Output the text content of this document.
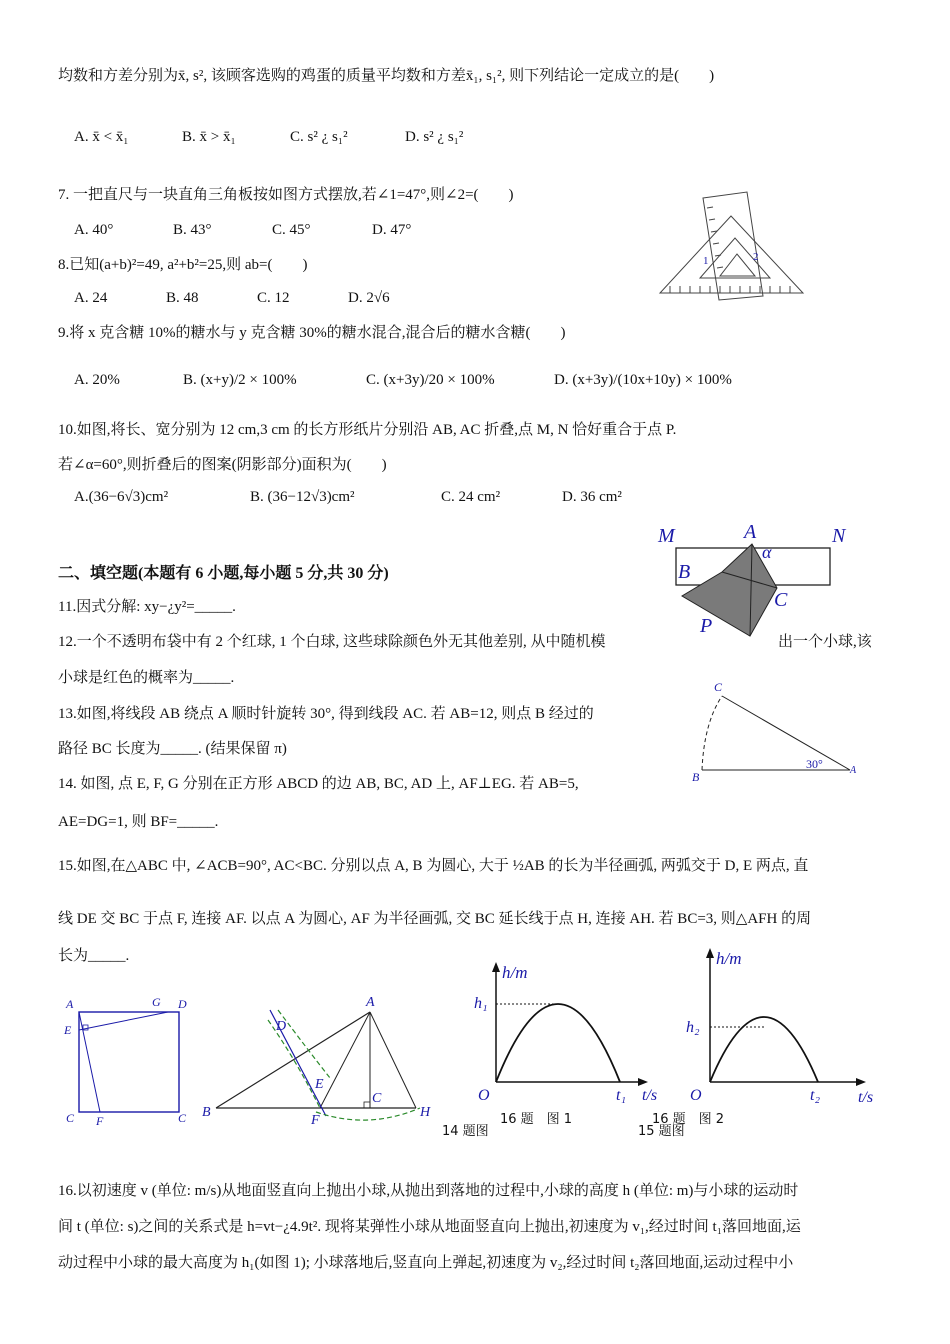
均数和方差分别为x̄, s², 该顾客选购的鸡蛋的质量平均数和方差x̄₁, s₁², 则下列结论一定成立的是(　　)
A. x̄ < x̄₁	B. x̄ > x̄₁	C. s² ¿ s₁²	D. s² ¿ s₁²
7. 一把直尺与一块直角三角板按如图方式摆放,若∠1=47°,则∠2=(　　)
A. 40°	B. 43°	C. 45°	D. 47°
1	2
8.已知(a+b)²=49, a²+b²=25,则 ab=(　　)
A. 24	B. 48	C. 12	D. 2√6
9.将 x 克含糖 10%的糖水与 y 克含糖 30%的糖水混合,混合后的糖水含糖(　　)
A. 20%	B. (x+y)/2 × 100%	C. (x+3y)/20 × 100%	D. (x+3y)/(10x+10y) × 100%
10.如图,将长、宽分别为 12 cm,3 cm 的长方形纸片分别沿 AB, AC 折叠,点 M, N 恰好重合于点 P.
若∠α=60°,则折叠后的图案(阴影部分)面积为(　　)
A.(36−6√3)cm²	B. (36−12√3)cm²	C. 24 cm²	D. 36 cm²
M	A	N
α
B
C
P
二、填空题(本题有 6 小题,每小题 5 分,共 30 分)
11.因式分解: xy−¿y²=_____.
12.一个不透明布袋中有 2 个红球, 1 个白球, 这些球除颜色外无其他差别, 从中随机模	出一个小球,该
小球是红色的概率为_____.
13.如图,将线段 AB 绕点 A 顺时针旋转 30°, 得到线段 AC. 若 AB=12, 则点 B 经过的
路径 BC 长度为_____. (结果保留 π)
C
30°
B	A
14. 如图, 点 E, F, G 分别在正方形 ABCD 的边 AB, BC, AD 上, AF⊥EG. 若 AB=5,
AE=DG=1, 则 BF=_____.
15.如图,在△ABC 中, ∠ACB=90°, AC<BC. 分别以点 A, B 为圆心, 大于 ½AB 的长为半径画弧, 两弧交于 D, E 两点, 直
线 DE 交 BC 于点 F, 连接 AF. 以点 A 为圆心, AF 为半径画弧, 交 BC 延长线于点 H, 连接 AH. 若 BC=3, 则△AFH 的周
长为_____.
A	G D
E
C F	C
A
D
E
B
F
C
H
h/m
h₁
O	t₁ t/s
h/m
h₂
O	t₂ t/s
14 题图
16 题　图 1	16 题　图 2
15 题图
16.以初速度 v (单位: m/s)从地面竖直向上抛出小球,从抛出到落地的过程中,小球的高度 h (单位: m)与小球的运动时
间 t (单位: s)之间的关系式是 h=vt−¿4.9t². 现将某弹性小球从地面竖直向上抛出,初速度为 v₁,经过时间 t₁落回地面,运
动过程中小球的最大高度为 h₁(如图 1); 小球落地后,竖直向上弹起,初速度为 v₂,经过时间 t₂落回地面,运动过程中小
